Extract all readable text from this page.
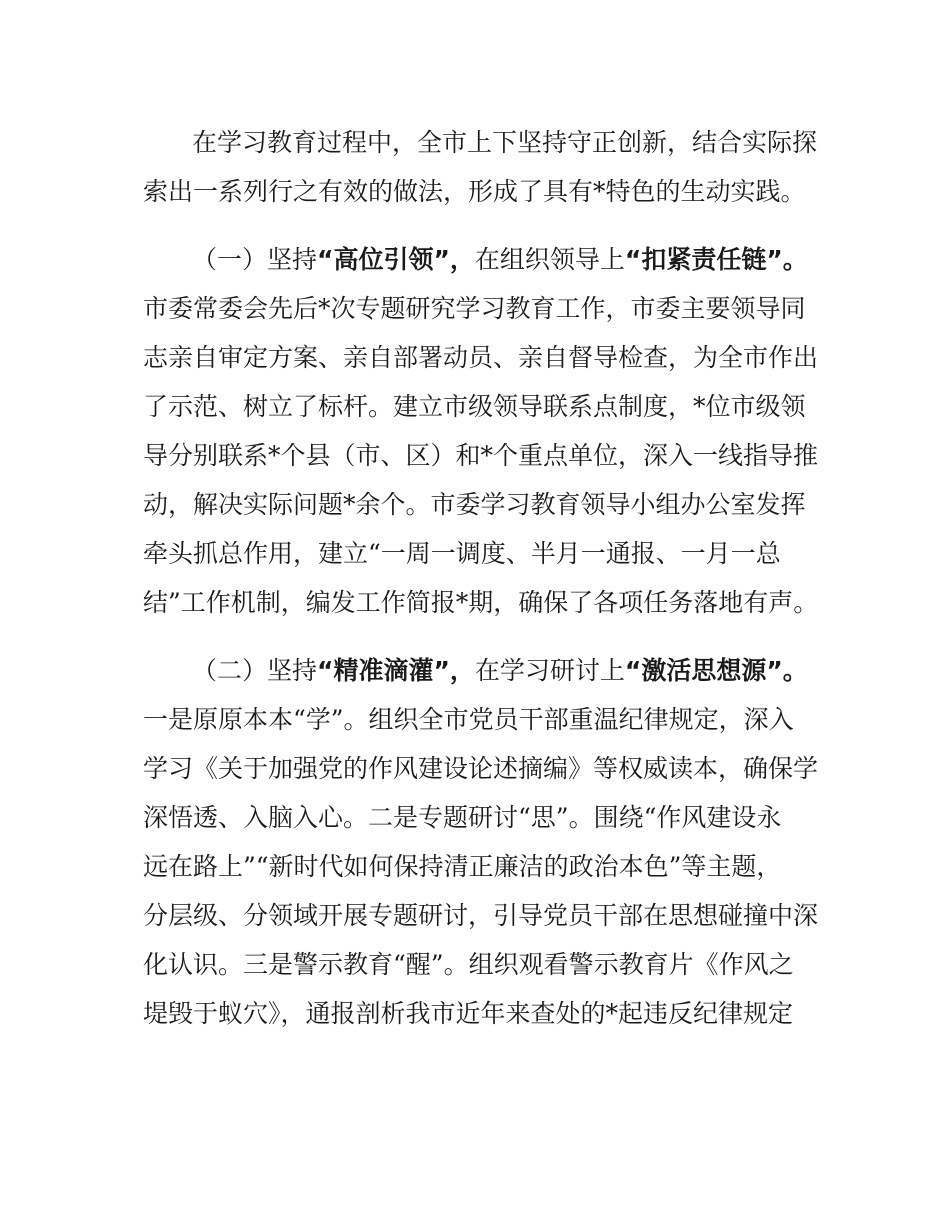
在学习教育过程中，全市上下坚持守正创新，结合实际探

索出一系列行之有效的做法，形成了具有*特色的生动实践。

（一）坚持“高位引领”，在组织领导上“扣紧责任链”。

市委常委会先后*次专题研究学习教育工作，市委主要领导同

志亲自审定方案、亲自部署动员、亲自督导检查，为全市作出

了示范、树立了标杆。建立市级领导联系点制度，*位市级领

导分别联系*个县（市、区）和*个重点单位，深入一线指导推

动，解决实际问题*余个。市委学习教育领导小组办公室发挥

牵头抓总作用，建立“一周一调度、半月一通报、一月一总

结”工作机制，编发工作简报*期，确保了各项任务落地有声。

（二）坚持“精准滴灌”，在学习研讨上“激活思想源”。

一是原原本本“学”。组织全市党员干部重温纪律规定，深入

学习《关于加强党的作风建设论述摘编》等权威读本，确保学

深悟透、入脑入心。二是专题研讨“思”。围绕“作风建设永

远在路上”“新时代如何保持清正廉洁的政治本色”等主题，

分层级、分领域开展专题研讨，引导党员干部在思想碰撞中深

化认识。三是警示教育“醒”。组织观看警示教育片《作风之

堤毁于蚁穴》，通报剖析我市近年来查处的*起违反纪律规定
